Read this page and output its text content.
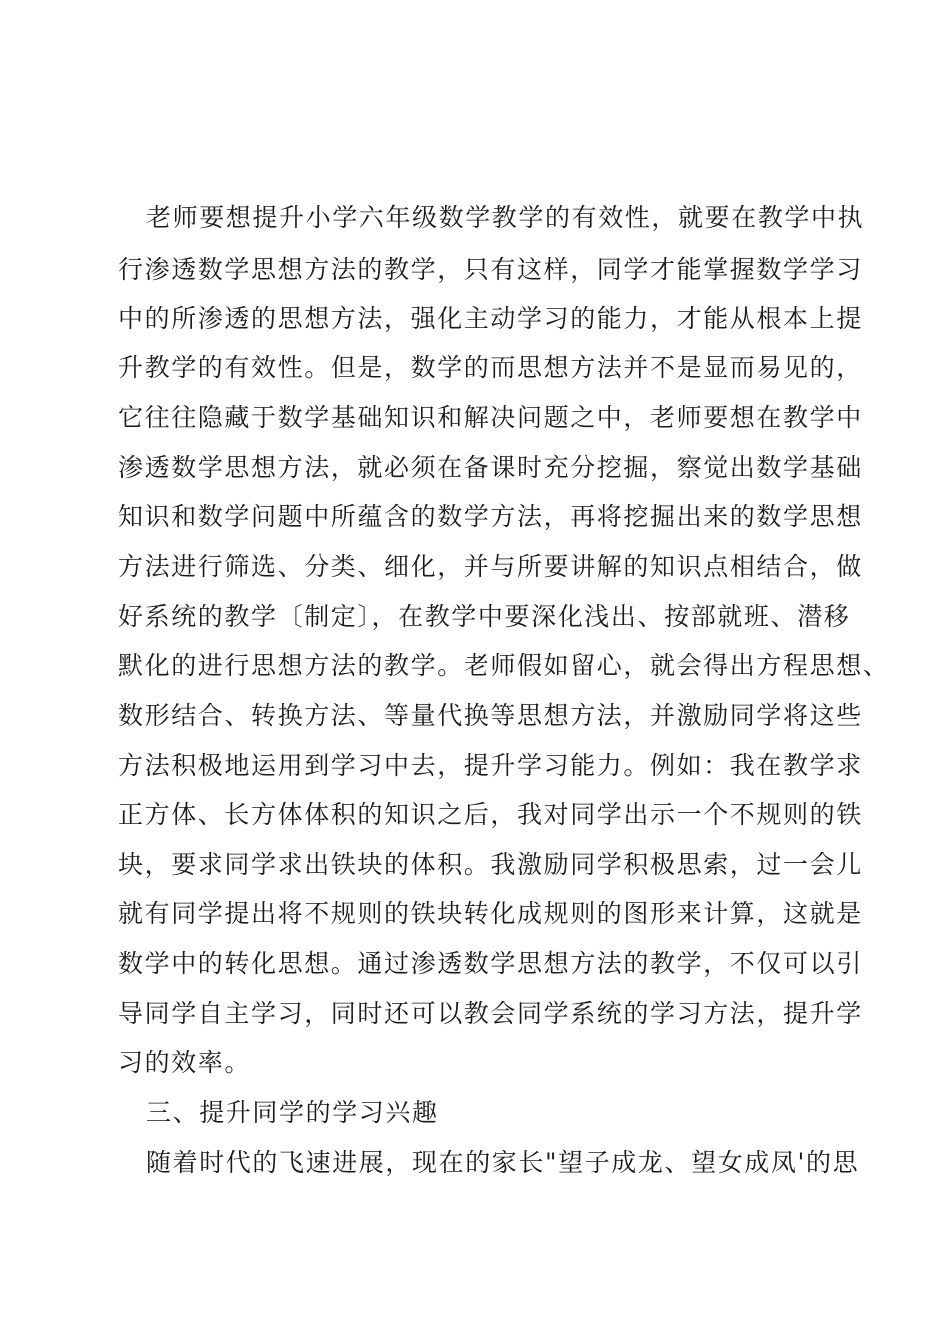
老师要想提升小学六年级数学教学的有效性，就要在教学中执
行渗透数学思想方法的教学，只有这样，同学才能掌握数学学习
中的所渗透的思想方法，强化主动学习的能力，才能从根本上提
升教学的有效性。但是，数学的而思想方法并不是显而易见的，
它往往隐藏于数学基础知识和解决问题之中，老师要想在教学中
渗透数学思想方法，就必须在备课时充分挖掘，察觉出数学基础
知识和数学问题中所蕴含的数学方法，再将挖掘出来的数学思想
方法进行筛选、分类、细化，并与所要讲解的知识点相结合，做
好系统的教学〔制定〕，在教学中要深化浅出、按部就班、潜移
默化的进行思想方法的教学。老师假如留心，就会得出方程思想、
数形结合、转换方法、等量代换等思想方法，并激励同学将这些
方法积极地运用到学习中去，提升学习能力。例如：我在教学求
正方体、长方体体积的知识之后，我对同学出示一个不规则的铁
块，要求同学求出铁块的体积。我激励同学积极思索，过一会儿
就有同学提出将不规则的铁块转化成规则的图形来计算，这就是
数学中的转化思想。通过渗透数学思想方法的教学，不仅可以引
导同学自主学习，同时还可以教会同学系统的学习方法，提升学
习的效率。
三、提升同学的学习兴趣
随着时代的飞速进展，现在的家长"望子成龙、望女成凤'的思
